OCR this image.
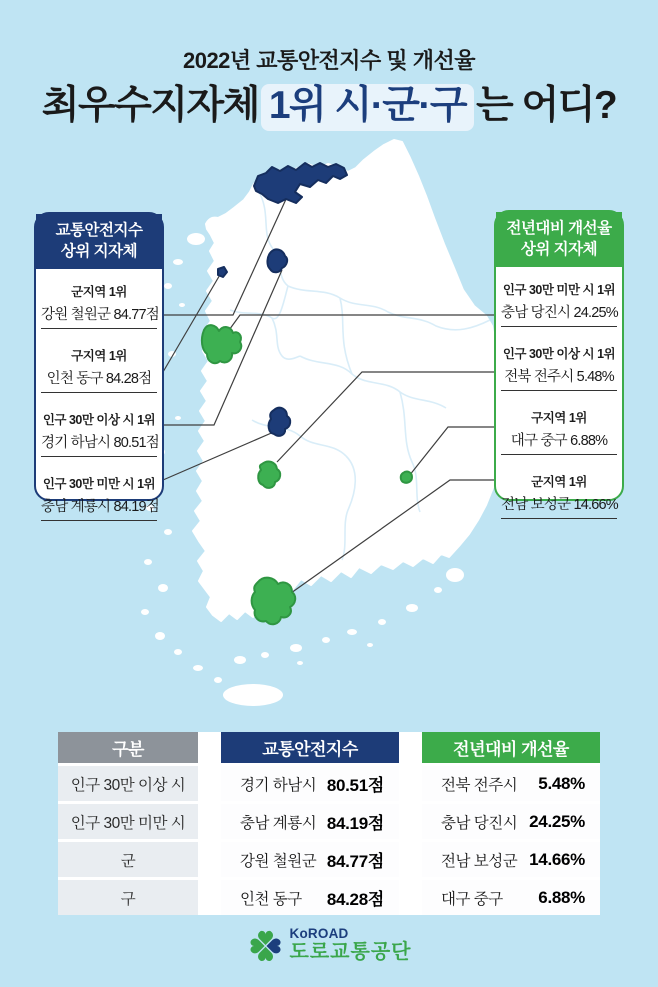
2022년 교통안전지수 및 개선율
최우수지자체 1위 시·군·구 는 어디?
교통안전지수
상위 지자체
군지역 1위
강원 철원군 84.77점
구지역 1위
인천 동구 84.28점
인구 30만 이상 시 1위
경기 하남시 80.51점
인구 30만 미만 시 1위
충남 계룡시 84.19점
전년대비 개선율
상위 지자체
인구 30만 미만 시 1위
충남 당진시 24.25%
인구 30만 이상 시 1위
전북 전주시 5.48%
구지역 1위
대구 중구 6.88%
군지역 1위
전남 보성군 14.66%
구분	교통안전지수	전년대비 개선율
인구 30만 이상 시	경기 하남시 80.51점	전북 전주시 5.48%
인구 30만 미만 시	충남 계룡시 84.19점	충남 당진시 24.25%
군	강원 철원군 84.77점	전남 보성군 14.66%
구	인천 동구 84.28점	대구 중구 6.88%
KoROAD
도로교통공단
